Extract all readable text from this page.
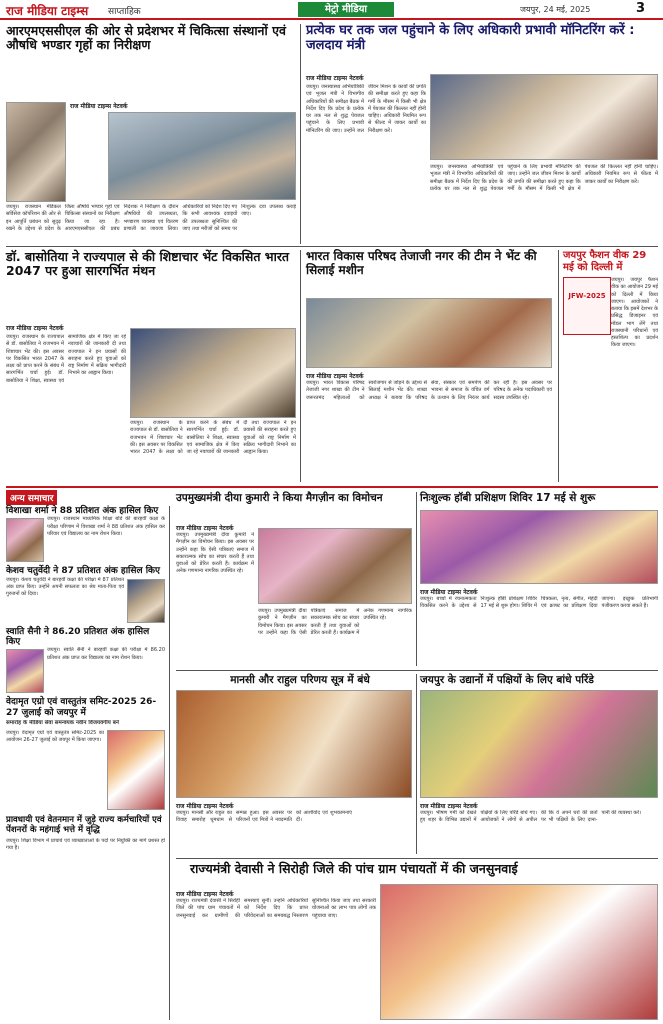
राज मीडिया टाइम्स साप्ताहिक	मेट्रो मीडिया	जयपुर, 24 मई, 2025	3
आरएमएससीएल की ओर से प्रदेशभर में चिकित्सा संस्थानों एवं औषधि भण्डार गृहों का निरीक्षण
राज मीडिया टाइम्स नेटवर्क
जयपुर। राजस्थान मेडिकल सर्विसेज कॉर्पोरेशन की ओर से इन आपूर्ति प्रबंधन को सुदृढ़ रखने के उद्देश्य से प्रदेश के जिला औषधि भण्डार गृहों एवं चिकित्सा संस्थानों का निरीक्षण किया जा रहा है। आरएमएससीएल की प्रबंध निदेशक ने निरीक्षण के दौरान औषधियों की उपलब्धता, भण्डारण व्यवस्था एवं वितरण प्रणाली का जायजा लिया। अधिकारियों को निर्देश दिए गए कि सभी आवश्यक दवाइयों की उपलब्धता सुनिश्चित की जाए तथा मरीजों को समय पर निःशुल्क दवा उपलब्ध कराई जाए।
प्रत्येक घर तक जल पहुंचाने के लिए अधिकारी प्रभावी मॉनिटरिंग करें : जलदाय मंत्री
राज मीडिया टाइम्स नेटवर्क
जयपुर। जनस्वास्थ्य अभियांत्रिकी एवं भूजल मंत्री ने विभागीय अधिकारियों की समीक्षा बैठक में निर्देश दिए कि प्रदेश के प्रत्येक घर तक नल से शुद्ध पेयजल पहुंचाने के लिए प्रभावी मॉनिटरिंग की जाए। उन्होंने जल जीवन मिशन के कार्यों की प्रगति की समीक्षा करते हुए कहा कि गर्मी के मौसम में किसी भी क्षेत्र में पेयजल की किल्लत नहीं होनी चाहिए। अधिकारी नियमित रूप से फील्ड में जाकर कार्यों का निरीक्षण करें।
जयपुर। जनस्वास्थ्य अभियांत्रिकी एवं भूजल मंत्री ने विभागीय अधिकारियों की समीक्षा बैठक में निर्देश दिए कि प्रदेश के प्रत्येक घर तक नल से शुद्ध पेयजल पहुंचाने के लिए प्रभावी मॉनिटरिंग की जाए। उन्होंने जल जीवन मिशन के कार्यों की प्रगति की समीक्षा करते हुए कहा कि गर्मी के मौसम में किसी भी क्षेत्र में पेयजल की किल्लत नहीं होनी चाहिए। अधिकारी नियमित रूप से फील्ड में जाकर कार्यों का निरीक्षण करें।
डॉ. बासोतिया ने राज्यपाल से की शिष्टाचार भेंट विकसित भारत 2047 पर हुआ सारगर्भित मंथन
राज मीडिया टाइम्स नेटवर्क
जयपुर। राजस्थान के राज्यपाल से डॉ. बासोतिया ने राजभवन में शिष्टाचार भेंट की। इस अवसर पर विकसित भारत 2047 के लक्ष्य को प्राप्त करने के संबंध में सारगर्भित चर्चा हुई। डॉ. बासोतिया ने शिक्षा, स्वास्थ्य एवं सामाजिक क्षेत्र में किए जा रहे नवाचारों की जानकारी दी तथा राज्यपाल ने इन प्रयासों की सराहना करते हुए युवाओं को राष्ट्र निर्माण में सक्रिय भागीदारी निभाने का आह्वान किया।
जयपुर। राजस्थान के राज्यपाल से डॉ. बासोतिया ने राजभवन में शिष्टाचार भेंट की। इस अवसर पर विकसित भारत 2047 के लक्ष्य को प्राप्त करने के संबंध में सारगर्भित चर्चा हुई। डॉ. बासोतिया ने शिक्षा, स्वास्थ्य एवं सामाजिक क्षेत्र में किए जा रहे नवाचारों की जानकारी दी तथा राज्यपाल ने इन प्रयासों की सराहना करते हुए युवाओं को राष्ट्र निर्माण में सक्रिय भागीदारी निभाने का आह्वान किया।
भारत विकास परिषद तेजाजी नगर की टीम ने भेंट की सिलाई मशीन
राज मीडिया टाइम्स नेटवर्क
जयपुर। भारत विकास परिषद तेजाजी नगर शाखा की टीम ने जरूरतमंद महिलाओं को स्वरोजगार से जोड़ने के उद्देश्य से सिलाई मशीन भेंट की। शाखा अध्यक्ष ने बताया कि परिषद सेवा, संस्कार एवं समर्पण की भावना से समाज के वंचित वर्ग के उत्थान के लिए निरंतर कार्य कर रही है। इस अवसर पर परिषद के अनेक पदाधिकारी एवं सदस्य उपस्थित रहे।
जयपुर फैशन वीक 29 मई को दिल्ली में
JFW-2025
जयपुर। जयपुर फैशन वीक का आयोजन 29 मई को दिल्ली में किया जाएगा। आयोजकों ने बताया कि इसमें देशभर के प्रसिद्ध डिजाइनर एवं मॉडल भाग लेंगे तथा राजस्थानी परिधानों एवं हस्तशिल्प का प्रदर्शन किया जाएगा।
अन्य समाचार
विशाखा शर्मा ने 88 प्रतिशत अंक हासिल किए
जयपुर। राजस्थान माध्यमिक शिक्षा बोर्ड की बारहवीं कक्षा के परीक्षा परिणाम में विशाखा शर्मा ने 88 प्रतिशत अंक हासिल कर परिवार एवं विद्यालय का नाम रोशन किया।
केशव चतुर्वेदी ने 87 प्रतिशत अंक हासिल किए
जयपुर। केशव चतुर्वेदी ने बारहवीं कक्षा की परीक्षा में 87 प्रतिशत अंक प्राप्त किए। उन्होंने अपनी सफलता का श्रेय माता-पिता एवं गुरुजनों को दिया।
स्वाति सैनी ने 86.20 प्रतिशत अंक हासिल किए
जयपुर। स्वाति सैनी ने बारहवीं कक्षा की परीक्षा में 86.20 प्रतिशत अंक प्राप्त कर विद्यालय का नाम रोशन किया।
वेदामृत एग्रो एवं वास्तुतंत्र समिट-2025 26-27 जुलाई को जयपुर में
समारोह के मीडिया सेवा समन्वयक नवीन विजयवर्गीय बने
जयपुर। वेदामृत एग्रो एवं वास्तुतंत्र समिट-2025 का आयोजन 26-27 जुलाई को जयपुर में किया जाएगा।
प्रावधायी एवं वेतनमान में जुड़े राज्य कर्मचारियों एवं पेंशनरों के महंगाई भत्ते में वृद्धि
जयपुर। शिक्षा विभाग में प्राचार्य एवं व्याख्याताओं के पदों पर नियुक्ति का मार्ग प्रशस्त हो गया है।
उपमुख्यमंत्री दीया कुमारी ने किया मैगज़ीन का विमोचन
राज मीडिया टाइम्स नेटवर्क
जयपुर। उपमुख्यमंत्री दीया कुमारी ने मैगज़ीन का विमोचन किया। इस अवसर पर उन्होंने कहा कि ऐसी पत्रिकाएं समाज में सकारात्मक सोच का संचार करती हैं तथा युवाओं को प्रेरित करती हैं। कार्यक्रम में अनेक गणमान्य नागरिक उपस्थित रहे।
जयपुर। उपमुख्यमंत्री दीया कुमारी ने मैगज़ीन का विमोचन किया। इस अवसर पर उन्होंने कहा कि ऐसी पत्रिकाएं समाज में सकारात्मक सोच का संचार करती हैं तथा युवाओं को प्रेरित करती हैं। कार्यक्रम में अनेक गणमान्य नागरिक उपस्थित रहे।
निःशुल्क हॉबी प्रशिक्षण शिविर 17 मई से शुरू
राज मीडिया टाइम्स नेटवर्क
जयपुर। बच्चों में रचनात्मकता विकसित करने के उद्देश्य से निःशुल्क हॉबी प्रशिक्षण शिविर 17 मई से शुरू होगा। शिविर में चित्रकला, नृत्य, संगीत, मेहंदी एवं क्राफ्ट का प्रशिक्षण दिया जाएगा। इच्छुक प्रतिभागी पंजीकरण करवा सकते हैं।
मानसी और राहुल परिणय सूत्र में बंधे
राज मीडिया टाइम्स नेटवर्क
जयपुर। मानसी और राहुल का विवाह समारोह धूमधाम से सम्पन्न हुआ। इस अवसर पर परिजनों एवं मित्रों ने नवदम्पति को आशीर्वाद एवं शुभकामनाएं दीं।
जयपुर के उद्यानों में पक्षियों के लिए बांधे परिंडे
राज मीडिया टाइम्स नेटवर्क
जयपुर। भीषण गर्मी को देखते हुए शहर के विभिन्न उद्यानों में पक्षियों के लिए परिंडे बांधे गए। आयोजकों ने लोगों से अपील की कि वे अपने घरों की छतों पर भी पक्षियों के लिए दाना-पानी की व्यवस्था करें।
राज्यमंत्री देवासी ने सिरोही जिले की पांच ग्राम पंचायतों में की जनसुनवाई
राज मीडिया टाइम्स नेटवर्क
जयपुर। राज्यमंत्री देवासी ने सिरोही जिले की पांच ग्राम पंचायतों में जनसुनवाई कर ग्रामीणों की समस्याएं सुनीं। उन्होंने अधिकारियों को निर्देश दिए कि प्राप्त परिवेदनाओं का समयबद्ध निस्तारण सुनिश्चित किया जाए तथा सरकारी योजनाओं का लाभ पात्र लोगों तक पहुंचाया जाए।
